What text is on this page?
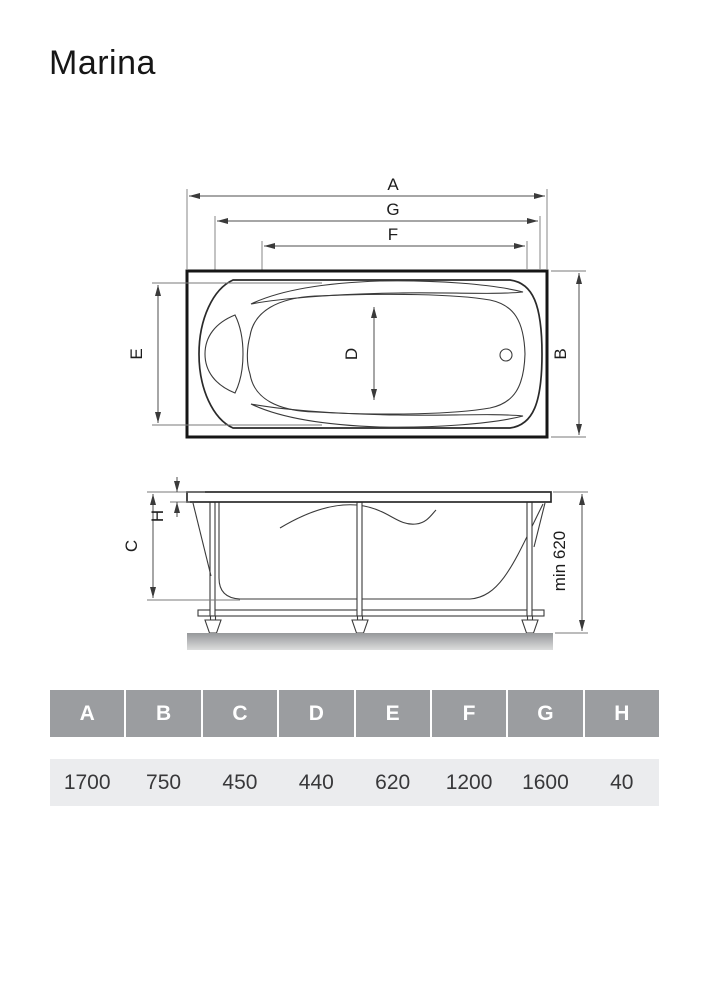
Marina
A
G
F
E	B
D
C
H
min 620
A	B	C	D	E	F	G	H
1700	750	450	440	620	1200	1600	40
